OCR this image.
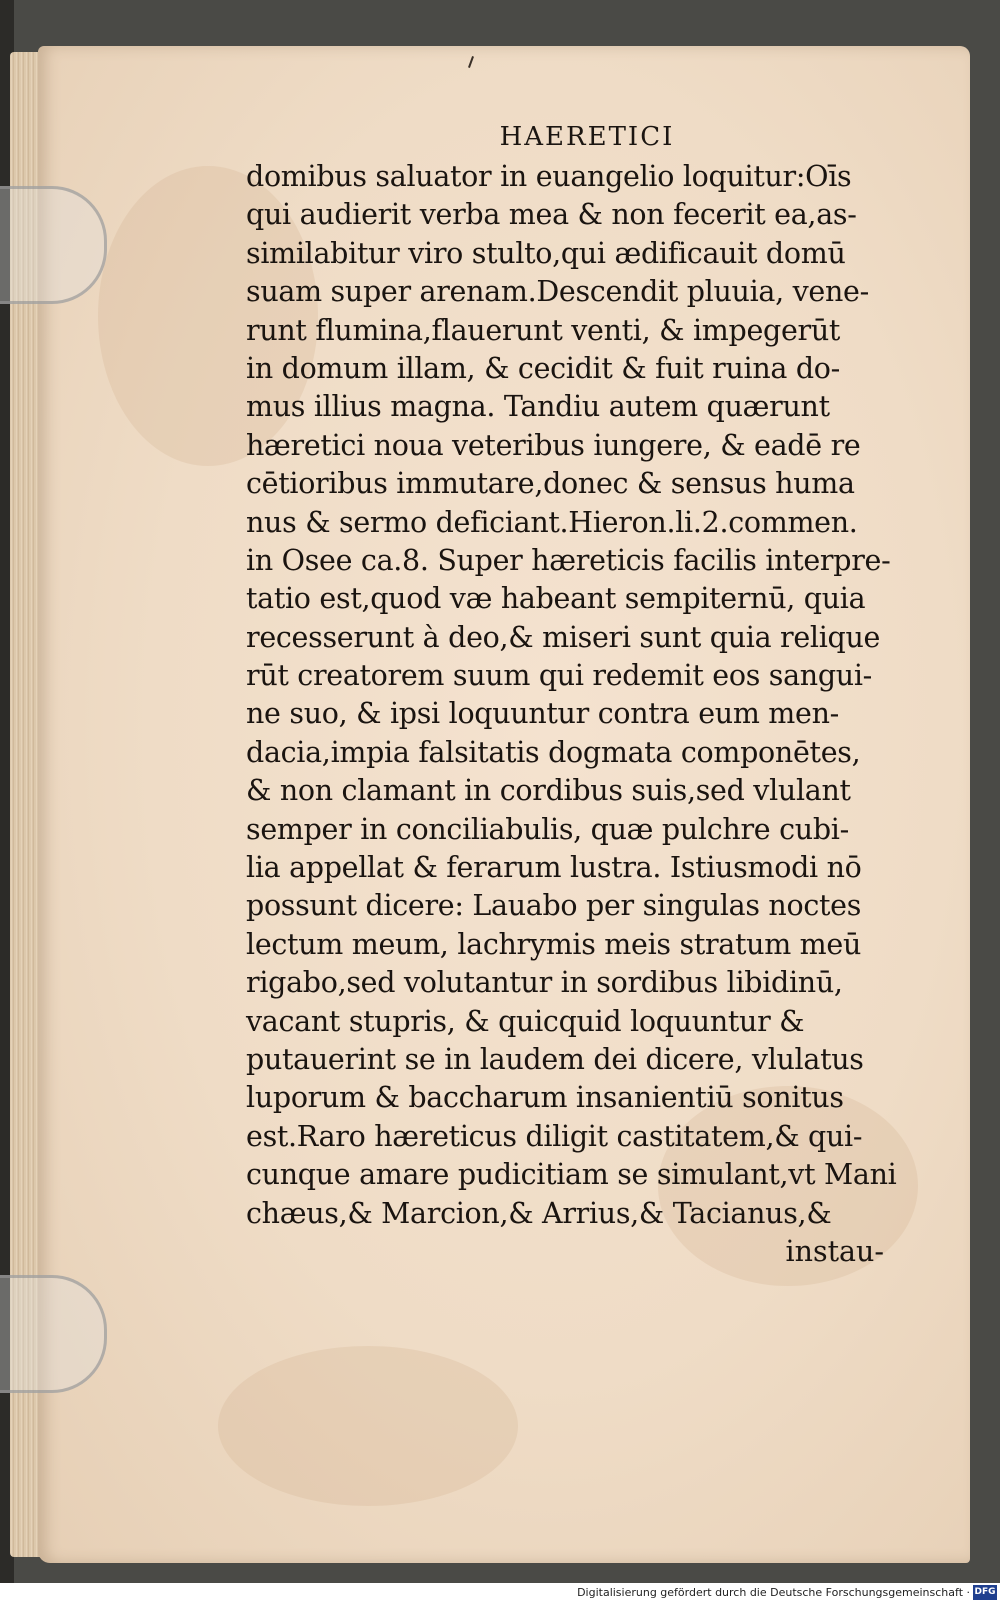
HAERETICI
domibus saluator in euangelio loquitur:Oīs
qui audierit verba mea & non fecerit ea,as-
similabitur viro stulto,qui ædificauit domū
suam super arenam.Descendit pluuia, vene-
runt flumina,flauerunt venti, & impegerūt
in domum illam, & cecidit & fuit ruina do-
mus illius magna. Tandiu autem quærunt
hæretici noua veteribus iungere, & eadē re
cētioribus immutare,donec & sensus huma
nus & sermo deficiant.Hieron.li.2.commen.
in Osee ca.8. Super hæreticis facilis interpre-
tatio est,quod væ habeant sempiternū, quia
recesserunt à deo,& miseri sunt quia relique
rūt creatorem suum qui redemit eos sangui-
ne suo, & ipsi loquuntur contra eum men-
dacia,impia falsitatis dogmata componētes,
& non clamant in cordibus suis,sed vlulant
semper in conciliabulis, quæ pulchre cubi-
lia appellat & ferarum lustra. Istiusmodi nō
possunt dicere: Lauabo per singulas noctes
lectum meum, lachrymis meis stratum meū
rigabo,sed volutantur in sordibus libidinū,
vacant stupris, & quicquid loquuntur &
putauerint se in laudem dei dicere, vlulatus
luporum & baccharum insanientiū sonitus
est.Raro hæreticus diligit castitatem,& qui-
cunque amare pudicitiam se simulant,vt Mani
chæus,& Marcion,& Arrius,& Tacianus,&
instau-
Digitalisierung gefördert durch die Deutsche Forschungsgemeinschaft · DFG
